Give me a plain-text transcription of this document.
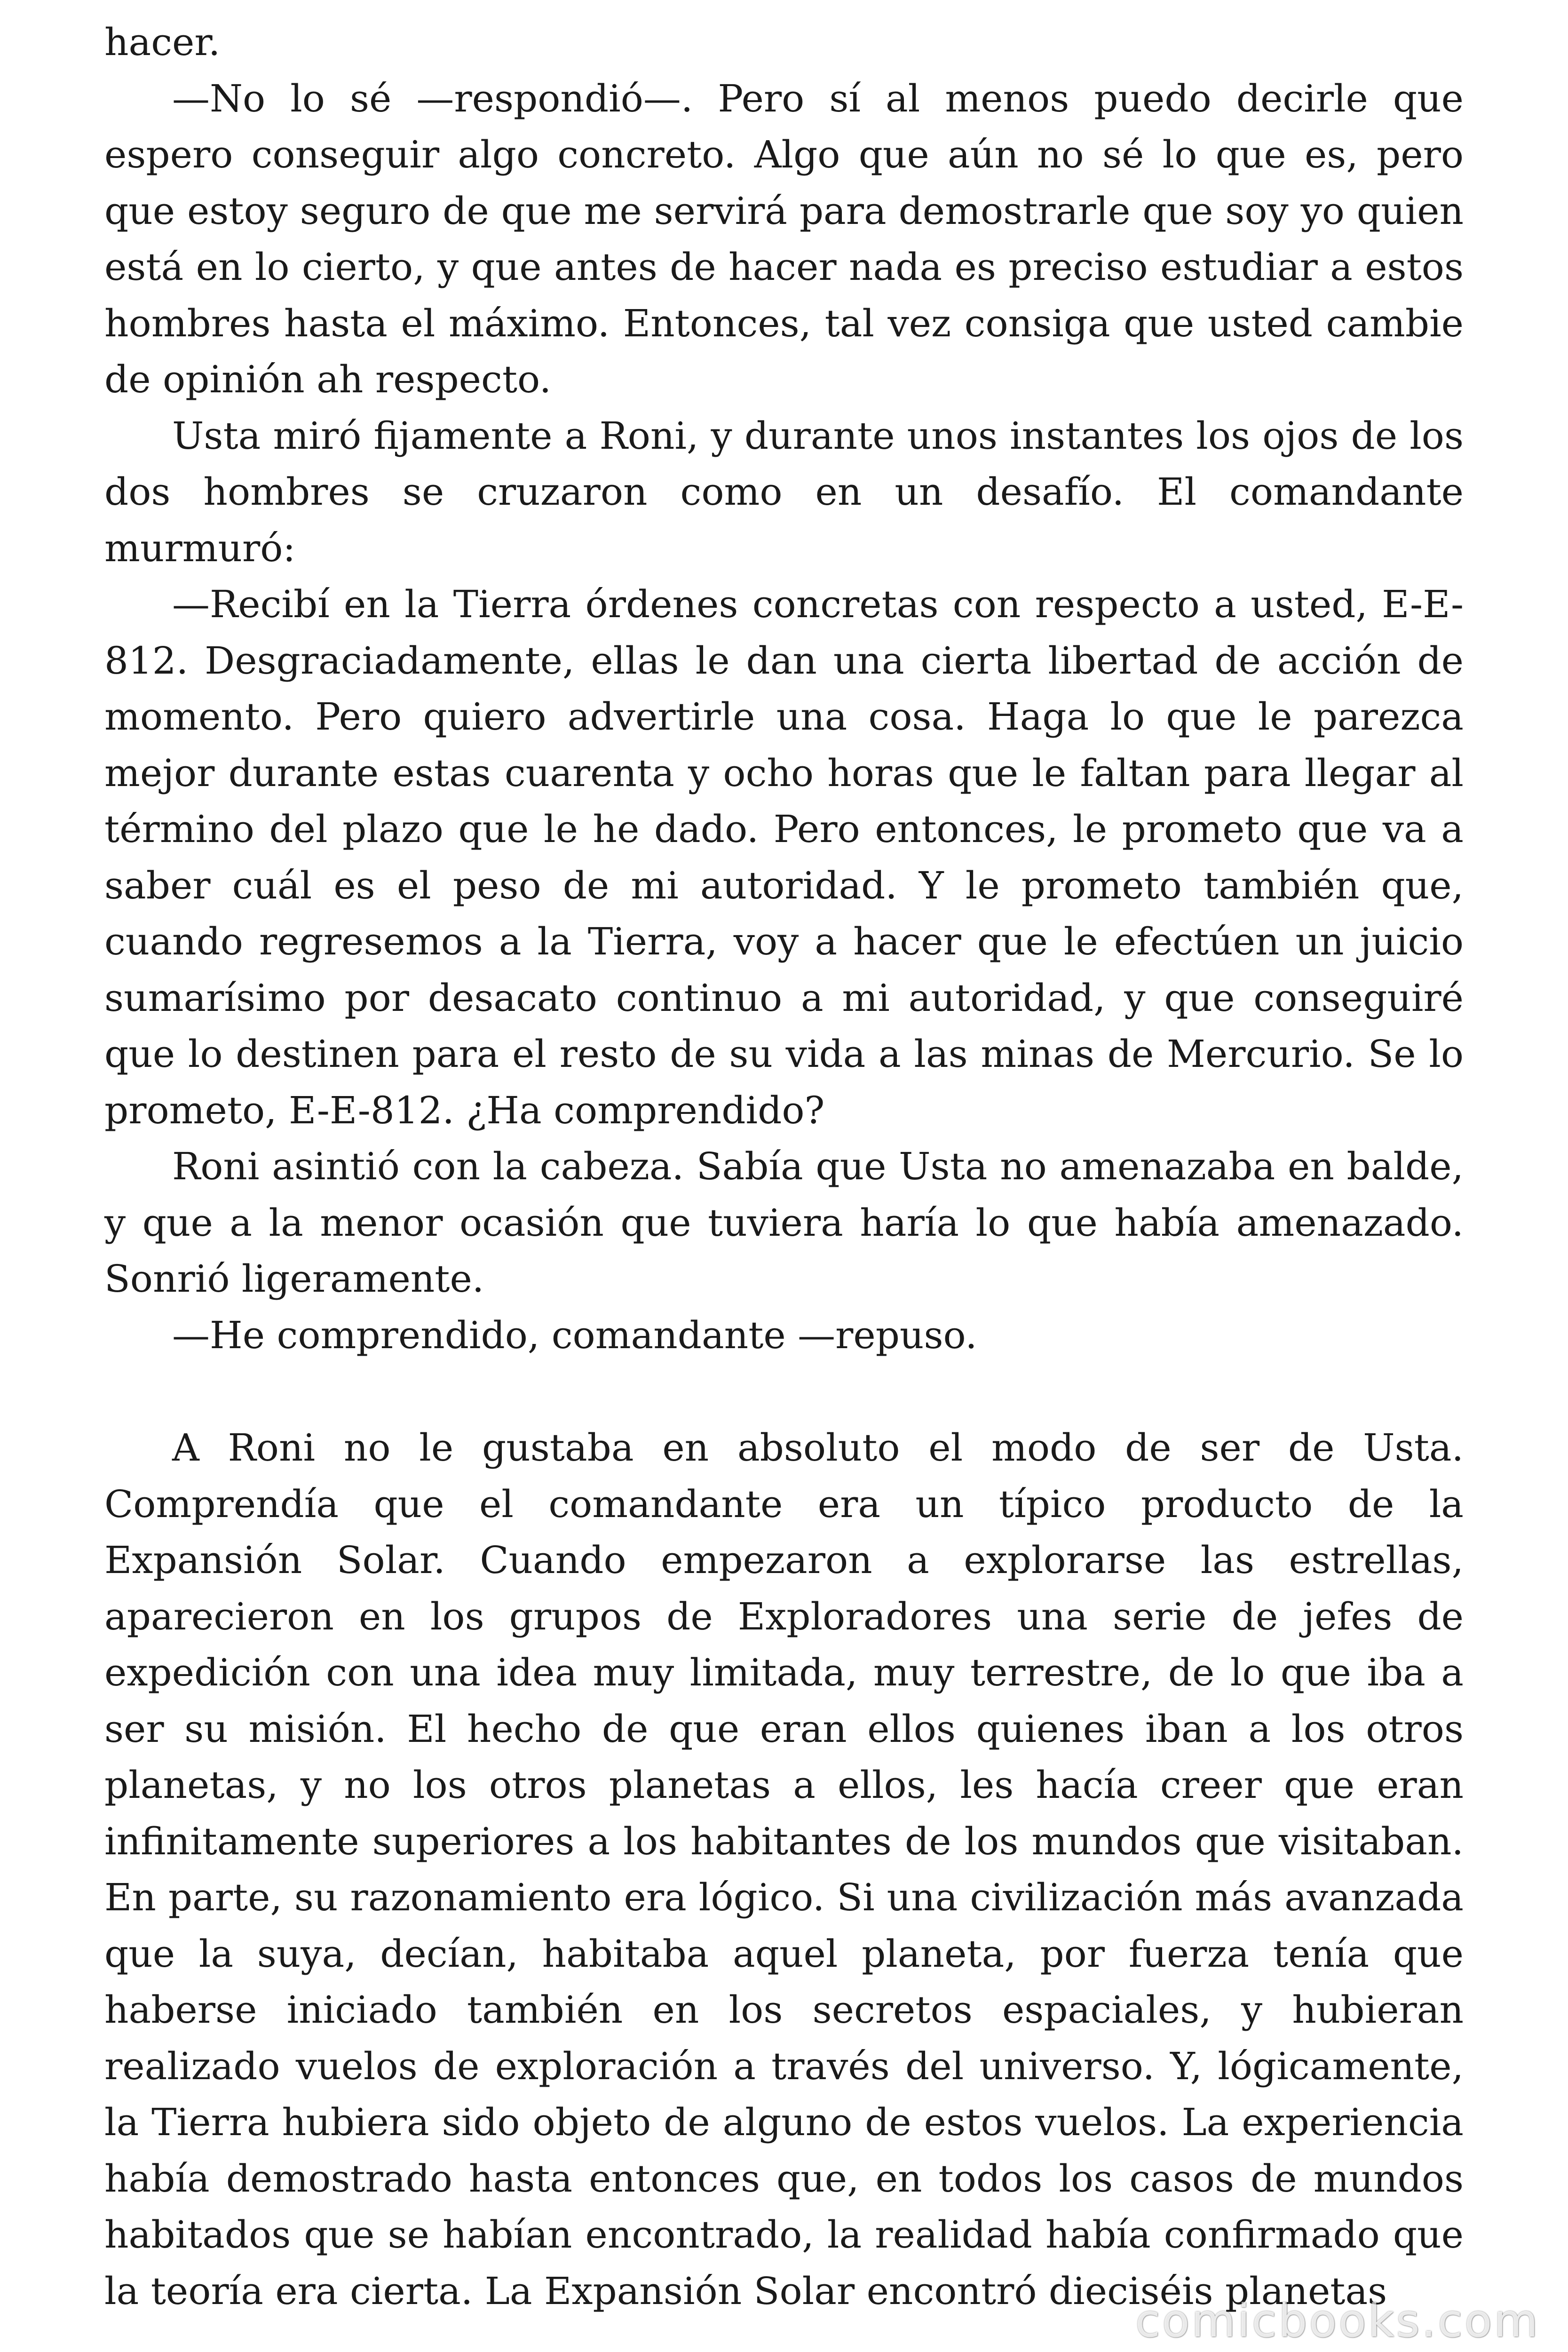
hacer.

—No lo sé —respondió—. Pero sí al menos puedo decirle que espero conseguir algo concreto. Algo que aún no sé lo que es, pero que estoy seguro de que me servirá para demostrarle que soy yo quien está en lo cierto, y que antes de hacer nada es preciso estudiar a estos hombres hasta el máximo. Entonces, tal vez consiga que usted cambie de opinión ah respecto.

Usta miró fijamente a Roni, y durante unos instantes los ojos de los dos hombres se cruzaron como en un desafío. El comandante murmuró:

—Recibí en la Tierra órdenes concretas con respecto a usted, E-E-812. Desgraciadamente, ellas le dan una cierta libertad de acción de momento. Pero quiero advertirle una cosa. Haga lo que le parezca mejor durante estas cuarenta y ocho horas que le faltan para llegar al término del plazo que le he dado. Pero entonces, le prometo que va a saber cuál es el peso de mi autoridad. Y le prometo también que, cuando regresemos a la Tierra, voy a hacer que le efectúen un juicio sumarísimo por desacato continuo a mi autoridad, y que conseguiré que lo destinen para el resto de su vida a las minas de Mercurio. Se lo prometo, E-E-812. ¿Ha comprendido?

Roni asintió con la cabeza. Sabía que Usta no amenazaba en balde, y que a la menor ocasión que tuviera haría lo que había amenazado. Sonrió ligeramente.

—He comprendido, comandante —repuso.

A Roni no le gustaba en absoluto el modo de ser de Usta. Comprendía que el comandante era un típico producto de la Expansión Solar. Cuando empezaron a explorarse las estrellas, aparecieron en los grupos de Exploradores una serie de jefes de expedición con una idea muy limitada, muy terrestre, de lo que iba a ser su misión. El hecho de que eran ellos quienes iban a los otros planetas, y no los otros planetas a ellos, les hacía creer que eran infinitamente superiores a los habitantes de los mundos que visitaban. En parte, su razonamiento era lógico. Si una civilización más avanzada que la suya, decían, habitaba aquel planeta, por fuerza tenía que haberse iniciado también en los secretos espaciales, y hubieran realizado vuelos de exploración a través del universo. Y, lógicamente, la Tierra hubiera sido objeto de alguno de estos vuelos. La experiencia había demostrado hasta entonces que, en todos los casos de mundos habitados que se habían encontrado, la realidad había confirmado que la teoría era cierta. La Expansión Solar encontró dieciséis planetas

comicbooks.com
